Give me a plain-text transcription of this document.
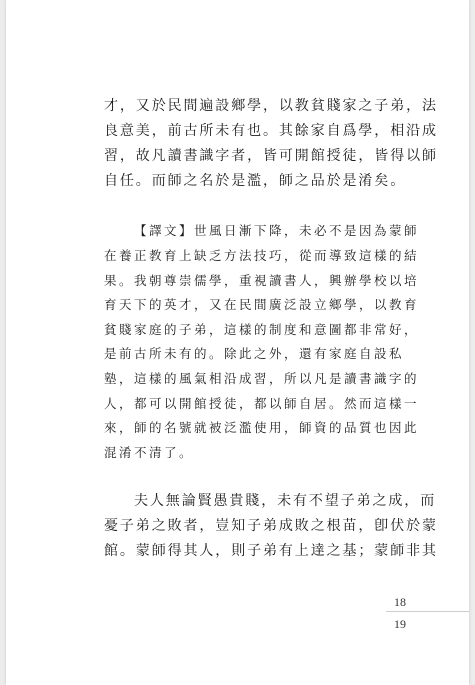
才，又於民間遍設鄉學，以教貧賤家之子弟，法
良意美，前古所未有也。其餘家自爲學，相沿成
習，故凡讀書識字者，皆可開館授徒，皆得以師
自任。而師之名於是濫，師之品於是淆矣。
【譯文】世風日漸下降，未必不是因為蒙師
在養正教育上缺乏方法技巧，從而導致這樣的結
果。我朝尊崇儒學，重視讀書人，興辦學校以培
育天下的英才，又在民間廣泛設立鄉學，以教育
貧賤家庭的子弟，這樣的制度和意圖都非常好，
是前古所未有的。除此之外，還有家庭自設私
塾，這樣的風氣相沿成習，所以凡是讀書識字的
人，都可以開館授徒，都以師自居。然而這樣一
來，師的名號就被泛濫使用，師資的品質也因此
混淆不清了。
夫人無論賢愚貴賤，未有不望子弟之成，而
憂子弟之敗者，豈知子弟成敗之根苗，卽伏於蒙
館。蒙師得其人，則子弟有上達之基；蒙師非其
18
19
